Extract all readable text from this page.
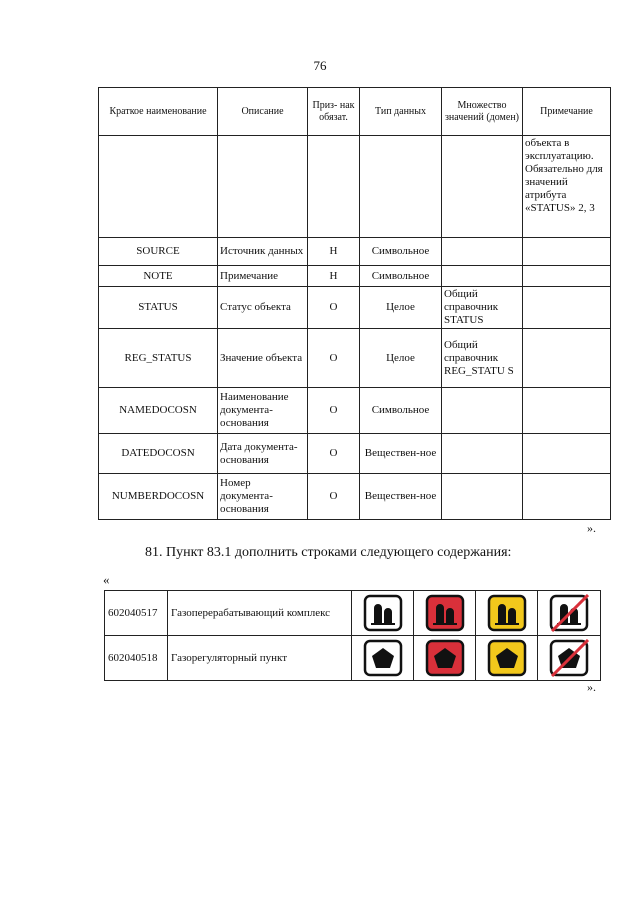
76
Краткое наименование	Описание	Приз- нак обязат.	Тип данных	Множество значений (домен)	Примечание
					объекта в эксплуатацию. Обязательно для значений атрибута «STATUS» 2, 3
SOURCE	Источник данных	Н	Символьное		
NOTE	Примечание	Н	Символьное		
STATUS	Статус объекта	О	Целое	Общий справочник STATUS	
REG_STATUS	Значение объекта	О	Целое	Общий справочник REG_STATU S	
NAMEDOCOSN	Наименование документа-основания	О	Символьное		
DATEDOCOSN	Дата документа-основания	О	Веществен-ное		
NUMBERDOCOSN	Номер документа-основания	О	Веществен-ное		
».
81. Пункт 83.1 дополнить строками следующего содержания:
«
602040517	Газоперерабатывающий комплекс	

602040518	Газорегуляторный пункт	

».
